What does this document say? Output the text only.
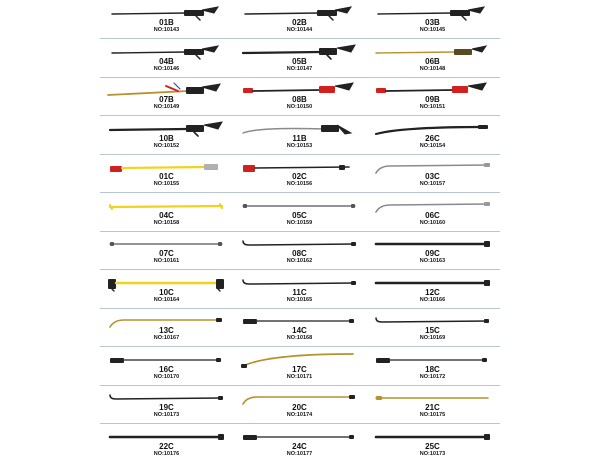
01B
NO:10143
02B
NO:10144
03B
NO:10145
04B
NO:10146
05B
NO:10147
06B
NO:10148
07B
NO:10149
08B
NO:10150
09B
NO:10151
10B
NO:10152
11B
NO:10153
26C
NO:10154
01C
NO:10155
02C
NO:10156
03C
NO:10157
04C
NO:10158
05C
NO:10159
06C
NO:10160
07C
NO:10161
08C
NO:10162
09C
NO:10163
10C
NO:10164
11C
NO:10165
12C
NO:10166
13C
NO:10167
14C
NO:10168
15C
NO:10169
16C
NO:10170
17C
NO:10171
18C
NO:10172
19C
NO:10173
20C
NO:10174
21C
NO:10175
22C
NO:10176
24C
NO:10177
25C
NO:10173
